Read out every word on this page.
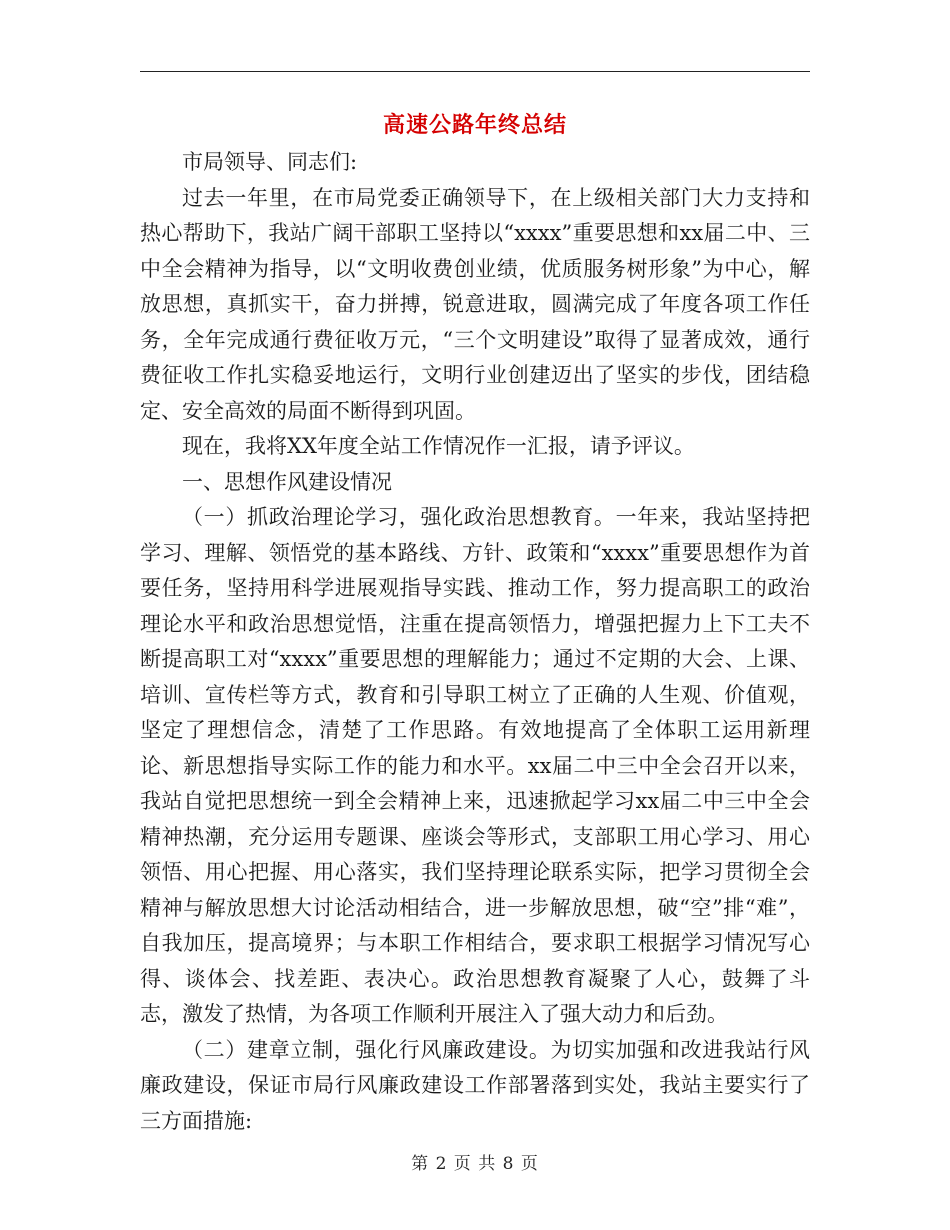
高速公路年终总结

市局领导、同志们:

过去一年里，在市局党委正确领导下，在上级相关部门大力支持和热心帮助下，我站广阔干部职工坚持以“xxxx”重要思想和xx届二中、三中全会精神为指导，以“文明收费创业绩，优质服务树形象”为中心，解放思想，真抓实干，奋力拼搏，锐意进取，圆满完成了年度各项工作任务，全年完成通行费征收万元，“三个文明建设”取得了显著成效，通行费征收工作扎实稳妥地运行，文明行业创建迈出了坚实的步伐，团结稳定、安全高效的局面不断得到巩固。

现在，我将XX年度全站工作情况作一汇报，请予评议。

一、思想作风建设情况

（一）抓政治理论学习，强化政治思想教育。一年来，我站坚持把学习、理解、领悟党的基本路线、方针、政策和“xxxx”重要思想作为首要任务，坚持用科学进展观指导实践、推动工作，努力提高职工的政治理论水平和政治思想觉悟，注重在提高领悟力，增强把握力上下工夫不断提高职工对“xxxx”重要思想的理解能力；通过不定期的大会、上课、培训、宣传栏等方式，教育和引导职工树立了正确的人生观、价值观，坚定了理想信念，清楚了工作思路。有效地提高了全体职工运用新理论、新思想指导实际工作的能力和水平。xx届二中三中全会召开以来，我站自觉把思想统一到全会精神上来，迅速掀起学习xx届二中三中全会精神热潮，充分运用专题课、座谈会等形式，支部职工用心学习、用心领悟、用心把握、用心落实，我们坚持理论联系实际，把学习贯彻全会精神与解放思想大讨论活动相结合，进一步解放思想，破“空”排“难”，自我加压，提高境界；与本职工作相结合，要求职工根据学习情况写心得、谈体会、找差距、表决心。政治思想教育凝聚了人心，鼓舞了斗志，激发了热情，为各项工作顺利开展注入了强大动力和后劲。

（二）建章立制，强化行风廉政建设。为切实加强和改进我站行风廉政建设，保证市局行风廉政建设工作部署落到实处，我站主要实行了三方面措施:

第 2 页 共 8 页
